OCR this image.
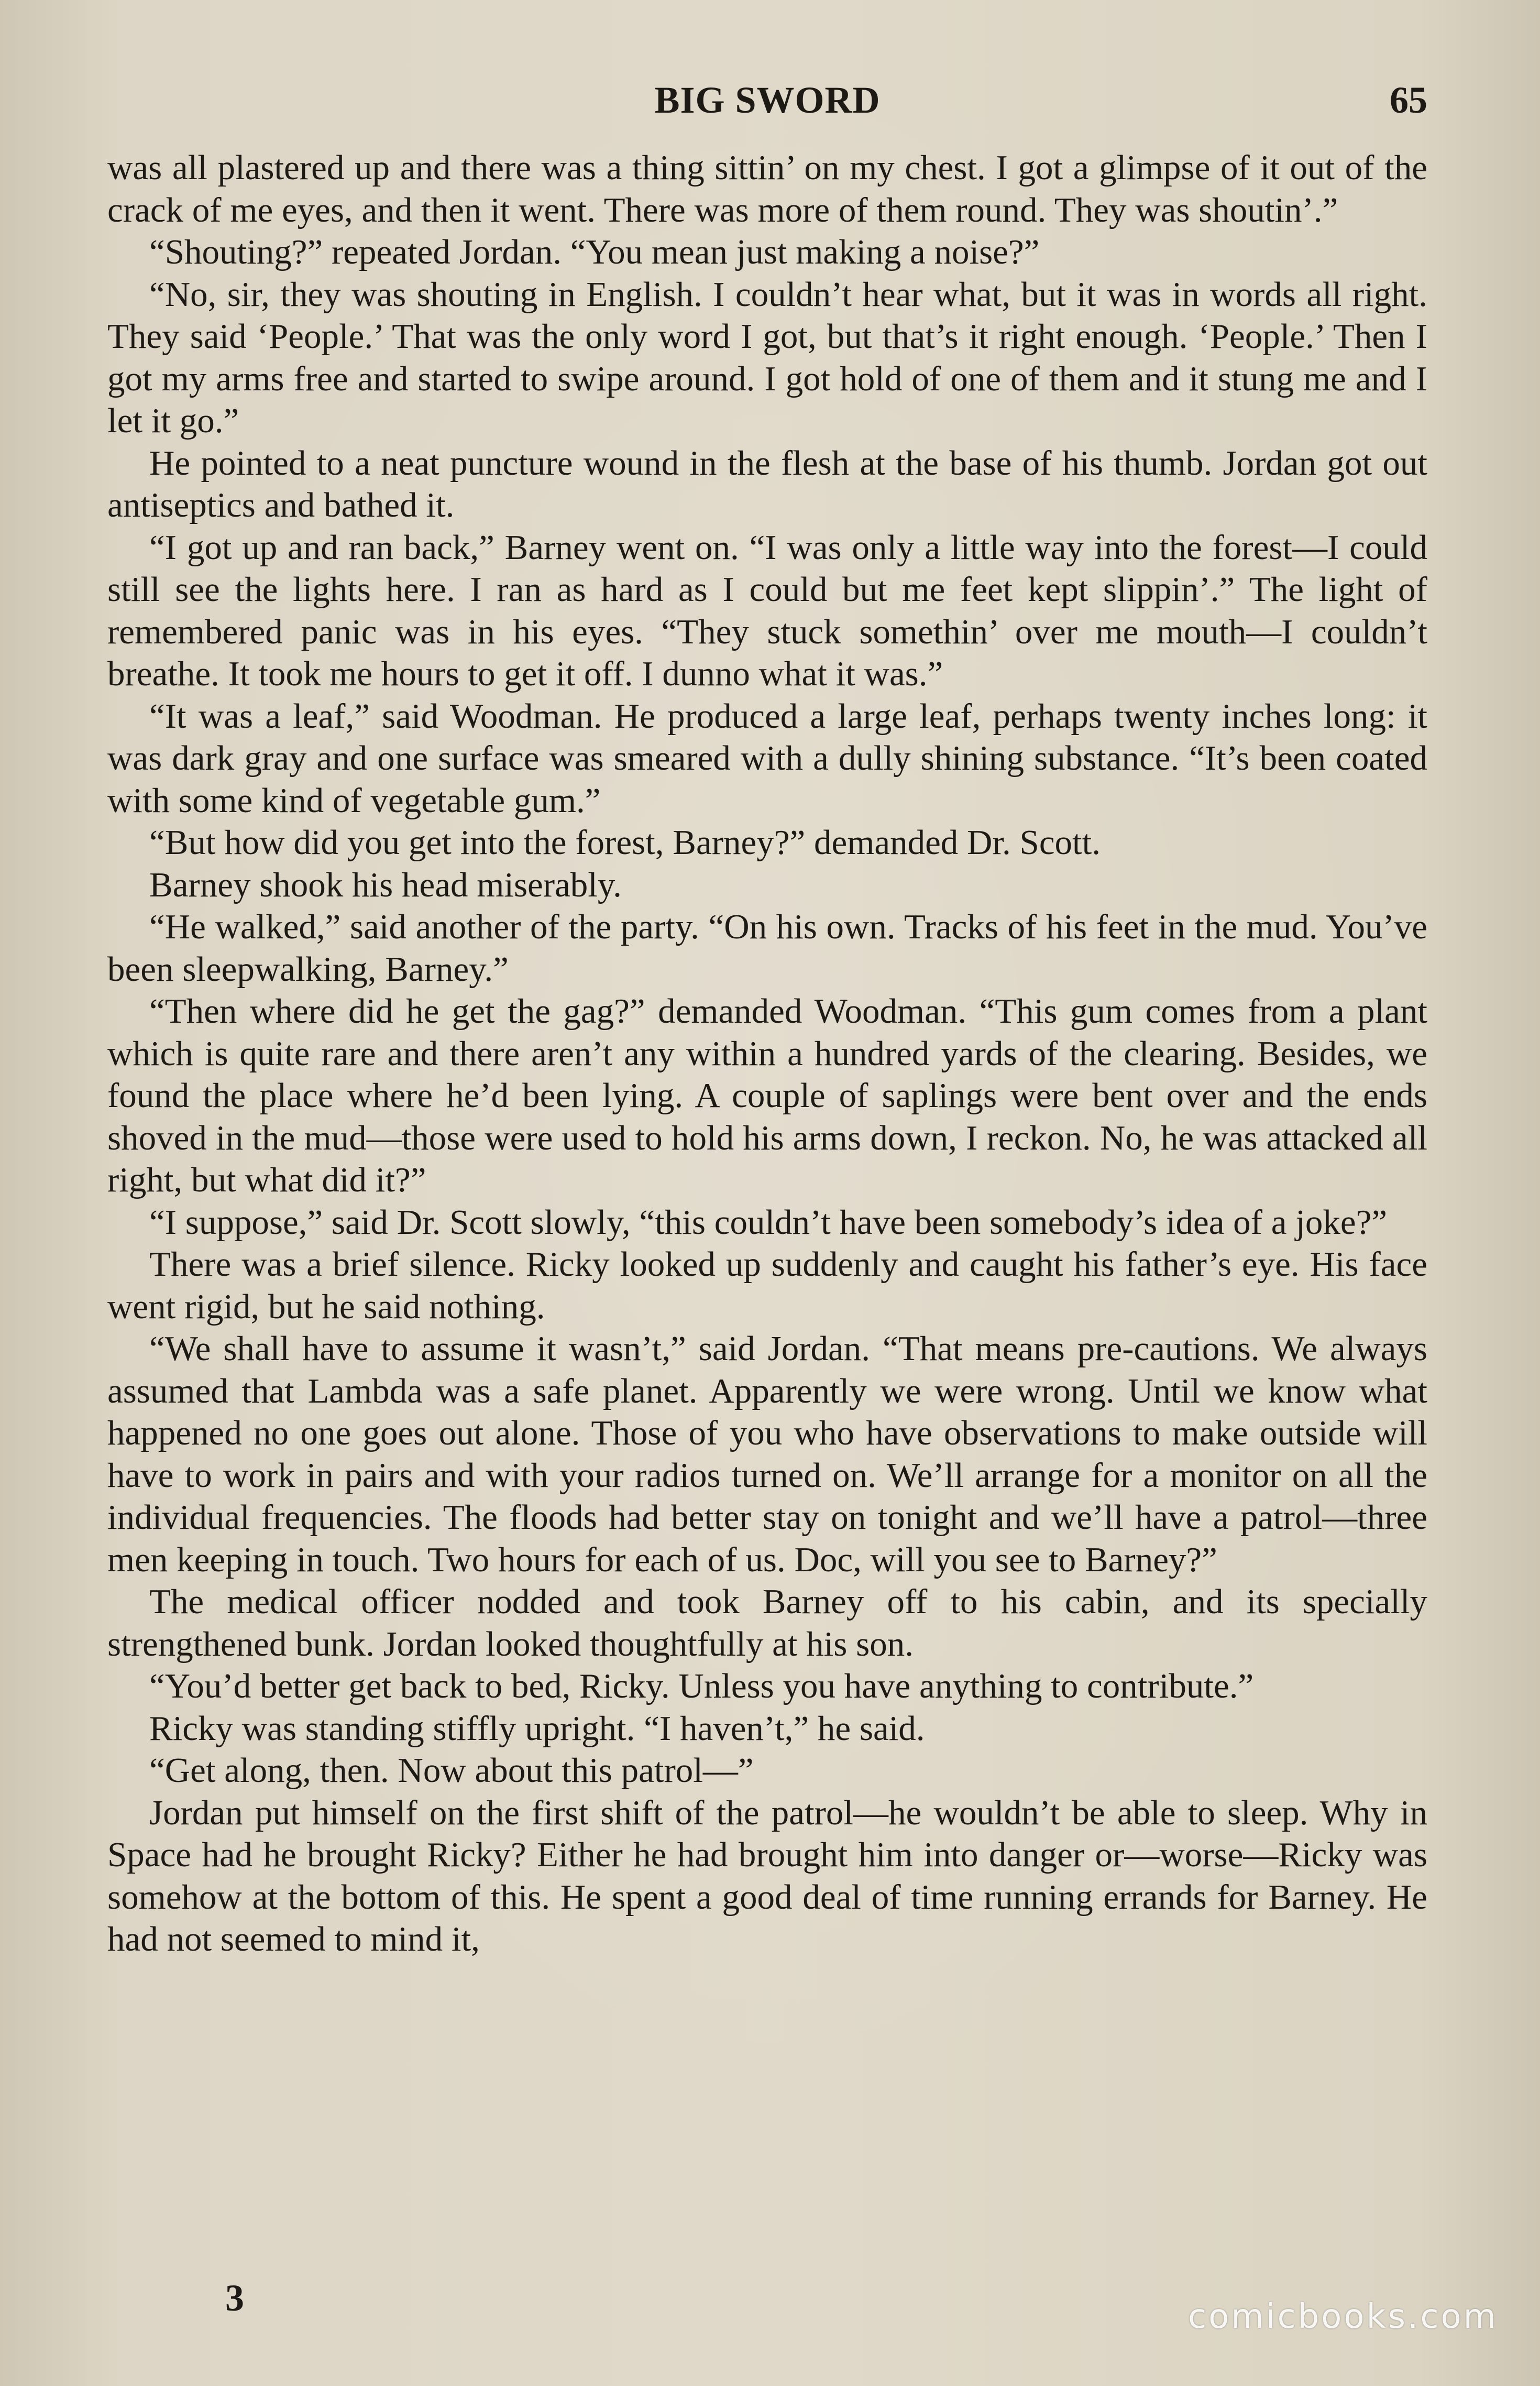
BIG SWORD	65

was all plastered up and there was a thing sittin’ on my chest. I got a glimpse of it out of the crack of me eyes, and then it went. There was more of them round. They was shoutin’.”

“Shouting?” repeated Jordan. “You mean just making a noise?”

“No, sir, they was shouting in English. I couldn’t hear what, but it was in words all right. They said ‘People.’ That was the only word I got, but that’s it right enough. ‘People.’ Then I got my arms free and started to swipe around. I got hold of one of them and it stung me and I let it go.”

He pointed to a neat puncture wound in the flesh at the base of his thumb. Jordan got out antiseptics and bathed it.

“I got up and ran back,” Barney went on. “I was only a little way into the forest—I could still see the lights here. I ran as hard as I could but me feet kept slippin’.” The light of remembered panic was in his eyes. “They stuck somethin’ over me mouth—I couldn’t breathe. It took me hours to get it off. I dunno what it was.”

“It was a leaf,” said Woodman. He produced a large leaf, perhaps twenty inches long: it was dark gray and one surface was smeared with a dully shining substance. “It’s been coated with some kind of vegetable gum.”

“But how did you get into the forest, Barney?” demanded Dr. Scott.

Barney shook his head miserably.

“He walked,” said another of the party. “On his own. Tracks of his feet in the mud. You’ve been sleepwalking, Barney.”

“Then where did he get the gag?” demanded Woodman. “This gum comes from a plant which is quite rare and there aren’t any within a hundred yards of the clearing. Besides, we found the place where he’d been lying. A couple of saplings were bent over and the ends shoved in the mud—those were used to hold his arms down, I reckon. No, he was attacked all right, but what did it?”

“I suppose,” said Dr. Scott slowly, “this couldn’t have been somebody’s idea of a joke?”

There was a brief silence. Ricky looked up suddenly and caught his father’s eye. His face went rigid, but he said nothing.

“We shall have to assume it wasn’t,” said Jordan. “That means pre-cautions. We always assumed that Lambda was a safe planet. Apparently we were wrong. Until we know what happened no one goes out alone. Those of you who have observations to make outside will have to work in pairs and with your radios turned on. We’ll arrange for a monitor on all the individual frequencies. The floods had better stay on tonight and we’ll have a patrol—three men keeping in touch. Two hours for each of us. Doc, will you see to Barney?”

The medical officer nodded and took Barney off to his cabin, and its specially strengthened bunk. Jordan looked thoughtfully at his son.

“You’d better get back to bed, Ricky. Unless you have anything to contribute.”

Ricky was standing stiffly upright. “I haven’t,” he said.

“Get along, then. Now about this patrol—”

Jordan put himself on the first shift of the patrol—he wouldn’t be able to sleep. Why in Space had he brought Ricky? Either he had brought him into danger or—worse—Ricky was somehow at the bottom of this. He spent a good deal of time running errands for Barney. He had not seemed to mind it,

3	comicbooks.com
